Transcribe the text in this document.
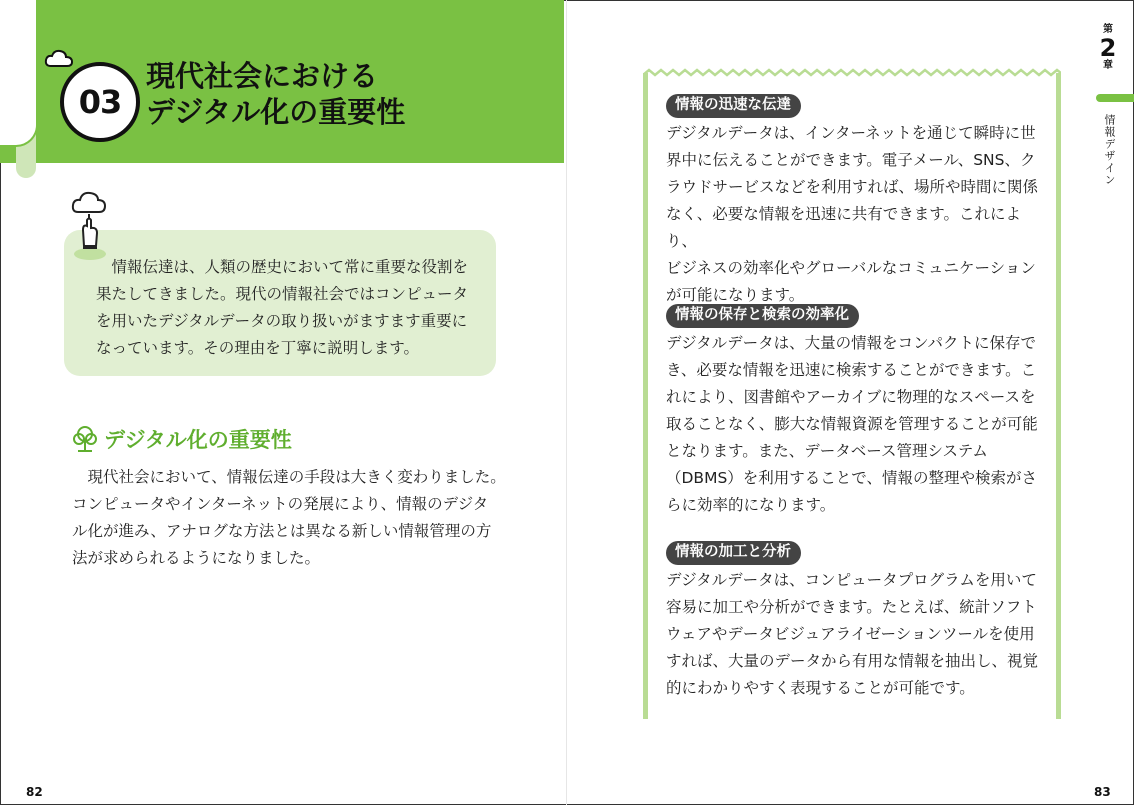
03
現代社会における
デジタル化の重要性
　情報伝達は、人類の歴史において常に重要な役割を
果たしてきました。現代の情報社会ではコンピュータ
を用いたデジタルデータの取り扱いがますます重要に
なっています。その理由を丁寧に説明します。
デジタル化の重要性
　現代社会において、情報伝達の手段は大きく変わりました。
コンピュータやインターネットの発展により、情報のデジタ
ル化が進み、アナログな方法とは異なる新しい情報管理の方
法が求められるようになりました。
情報の迅速な伝達
デジタルデータは、インターネットを通じて瞬時に世
界中に伝えることができます。電子メール、SNS、ク
ラウドサービスなどを利用すれば、場所や時間に関係
なく、必要な情報を迅速に共有できます。これにより、
ビジネスの効率化やグローバルなコミュニケーション
が可能になります。
情報の保存と検索の効率化
デジタルデータは、大量の情報をコンパクトに保存で
き、必要な情報を迅速に検索することができます。こ
れにより、図書館やアーカイブに物理的なスペースを
取ることなく、膨大な情報資源を管理することが可能
となります。また、データベース管理システム
（DBMS）を利用することで、情報の整理や検索がさ
らに効率的になります。
情報の加工と分析
デジタルデータは、コンピュータプログラムを用いて
容易に加工や分析ができます。たとえば、統計ソフト
ウェアやデータビジュアライゼーションツールを使用
すれば、大量のデータから有用な情報を抽出し、視覚
的にわかりやすく表現することが可能です。
第
2
章
情報デザイン
82	83
